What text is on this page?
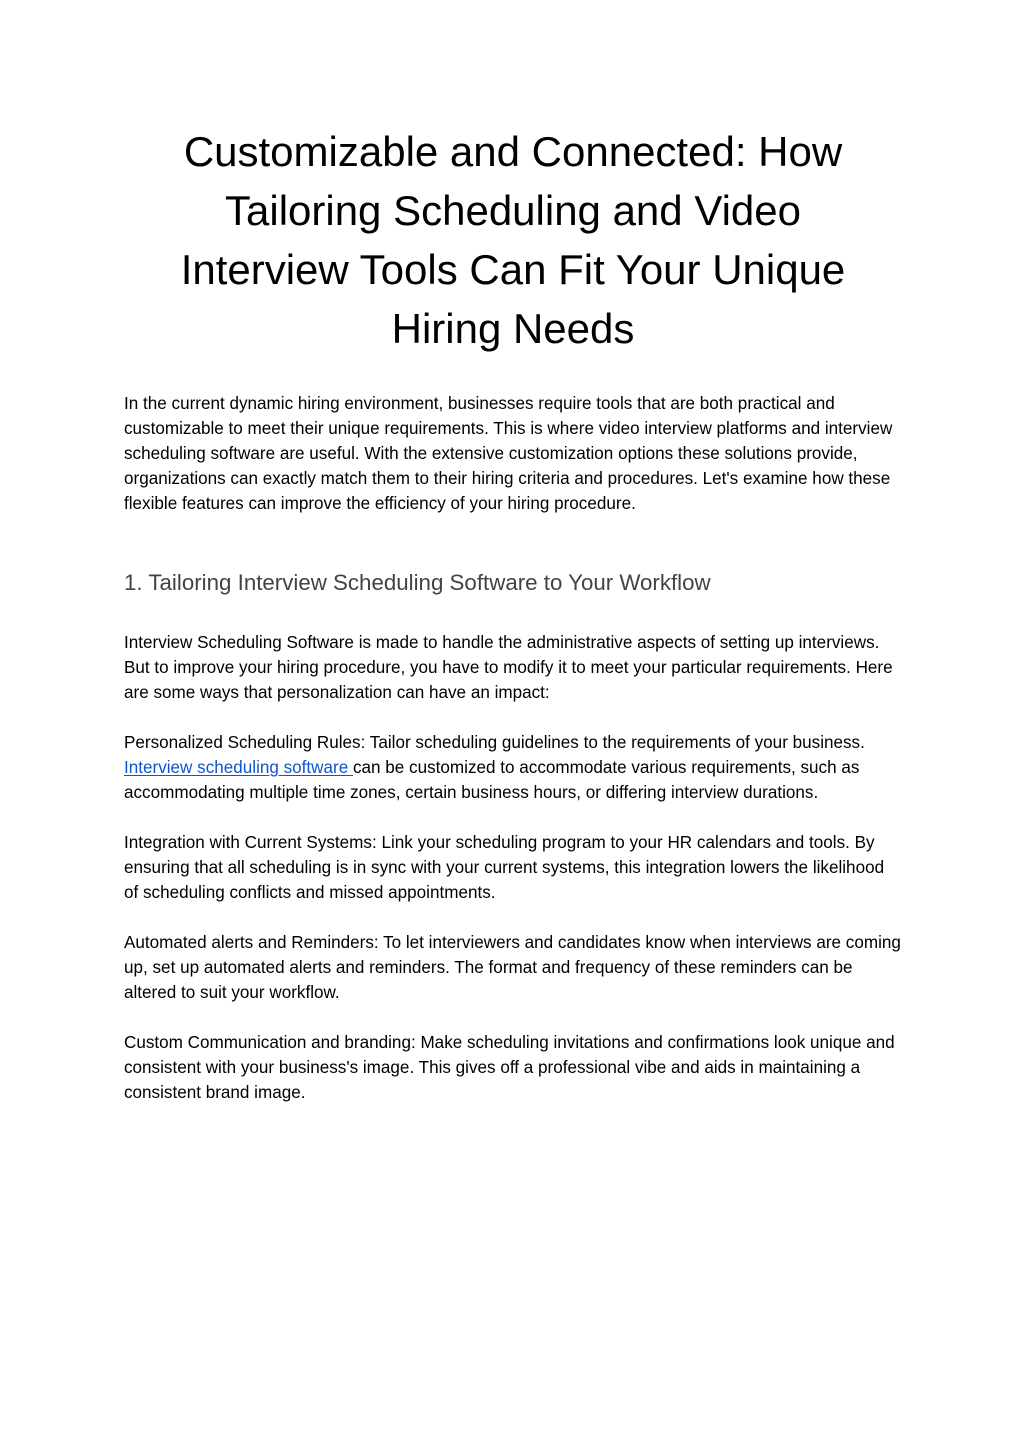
Customizable and Connected: How
Tailoring Scheduling and Video
Interview Tools Can Fit Your Unique
Hiring Needs

In the current dynamic hiring environment, businesses require tools that are both practical and customizable to meet their unique requirements. This is where video interview platforms and interview scheduling software are useful. With the extensive customization options these solutions provide, organizations can exactly match them to their hiring criteria and procedures. Let's examine how these flexible features can improve the efficiency of your hiring procedure.

1. Tailoring Interview Scheduling Software to Your Workflow

Interview Scheduling Software is made to handle the administrative aspects of setting up interviews. But to improve your hiring procedure, you have to modify it to meet your particular requirements. Here are some ways that personalization can have an impact:

Personalized Scheduling Rules: Tailor scheduling guidelines to the requirements of your business. Interview scheduling software can be customized to accommodate various requirements, such as accommodating multiple time zones, certain business hours, or differing interview durations.

Integration with Current Systems: Link your scheduling program to your HR calendars and tools. By ensuring that all scheduling is in sync with your current systems, this integration lowers the likelihood of scheduling conflicts and missed appointments.

Automated alerts and Reminders: To let interviewers and candidates know when interviews are coming up, set up automated alerts and reminders. The format and frequency of these reminders can be altered to suit your workflow.

Custom Communication and branding: Make scheduling invitations and confirmations look unique and consistent with your business's image. This gives off a professional vibe and aids in maintaining a consistent brand image.
